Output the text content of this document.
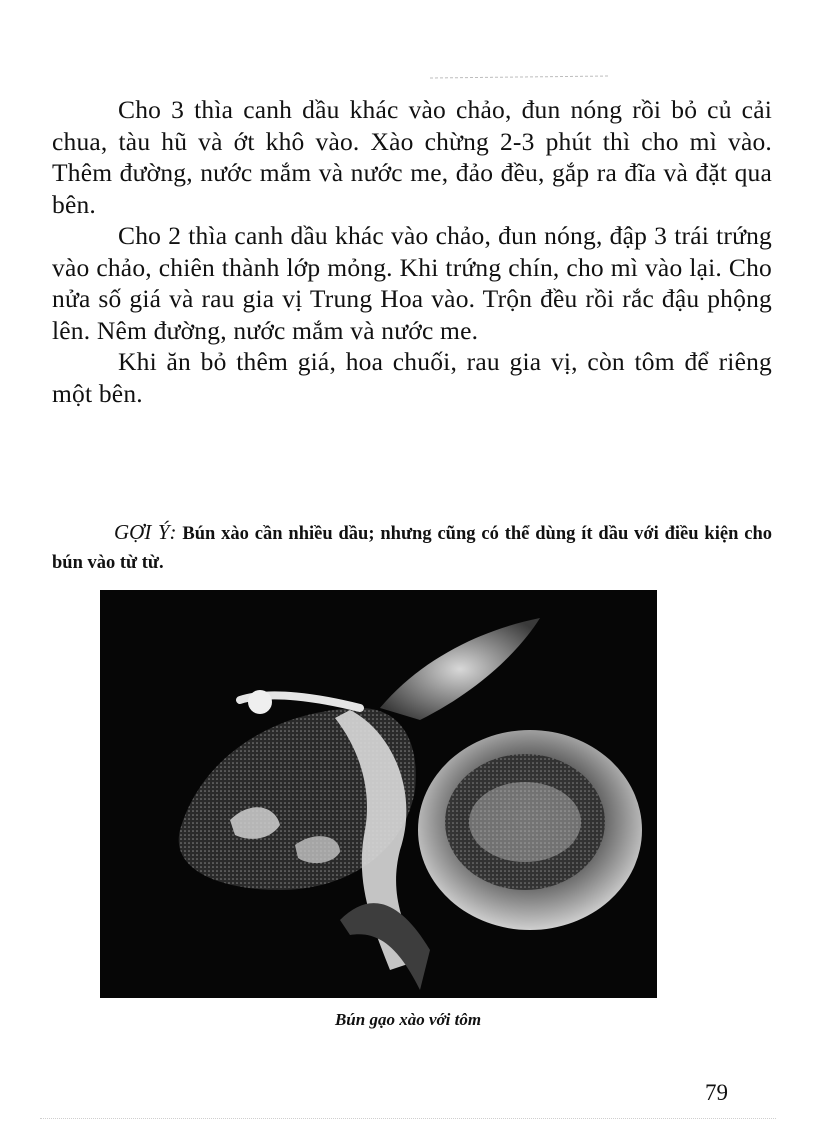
Cho 3 thìa canh dầu khác vào chảo, đun nóng rồi bỏ củ cải chua, tàu hũ và ớt khô vào. Xào chừng 2-3 phút thì cho mì vào. Thêm đường, nước mắm và nước me, đảo đều, gắp ra đĩa và đặt qua bên.

Cho 2 thìa canh dầu khác vào chảo, đun nóng, đập 3 trái trứng vào chảo, chiên thành lớp mỏng. Khi trứng chín, cho mì vào lại. Cho nửa số giá và rau gia vị Trung Hoa vào. Trộn đều rồi rắc đậu phộng lên. Nêm đường, nước mắm và nước me.

Khi ăn bỏ thêm giá, hoa chuối, rau gia vị, còn tôm để riêng một bên.

GỢI Ý: Bún xào cần nhiều dầu; nhưng cũng có thể dùng ít dầu với điều kiện cho bún vào từ từ.
Bún gạo xào với tôm
79
